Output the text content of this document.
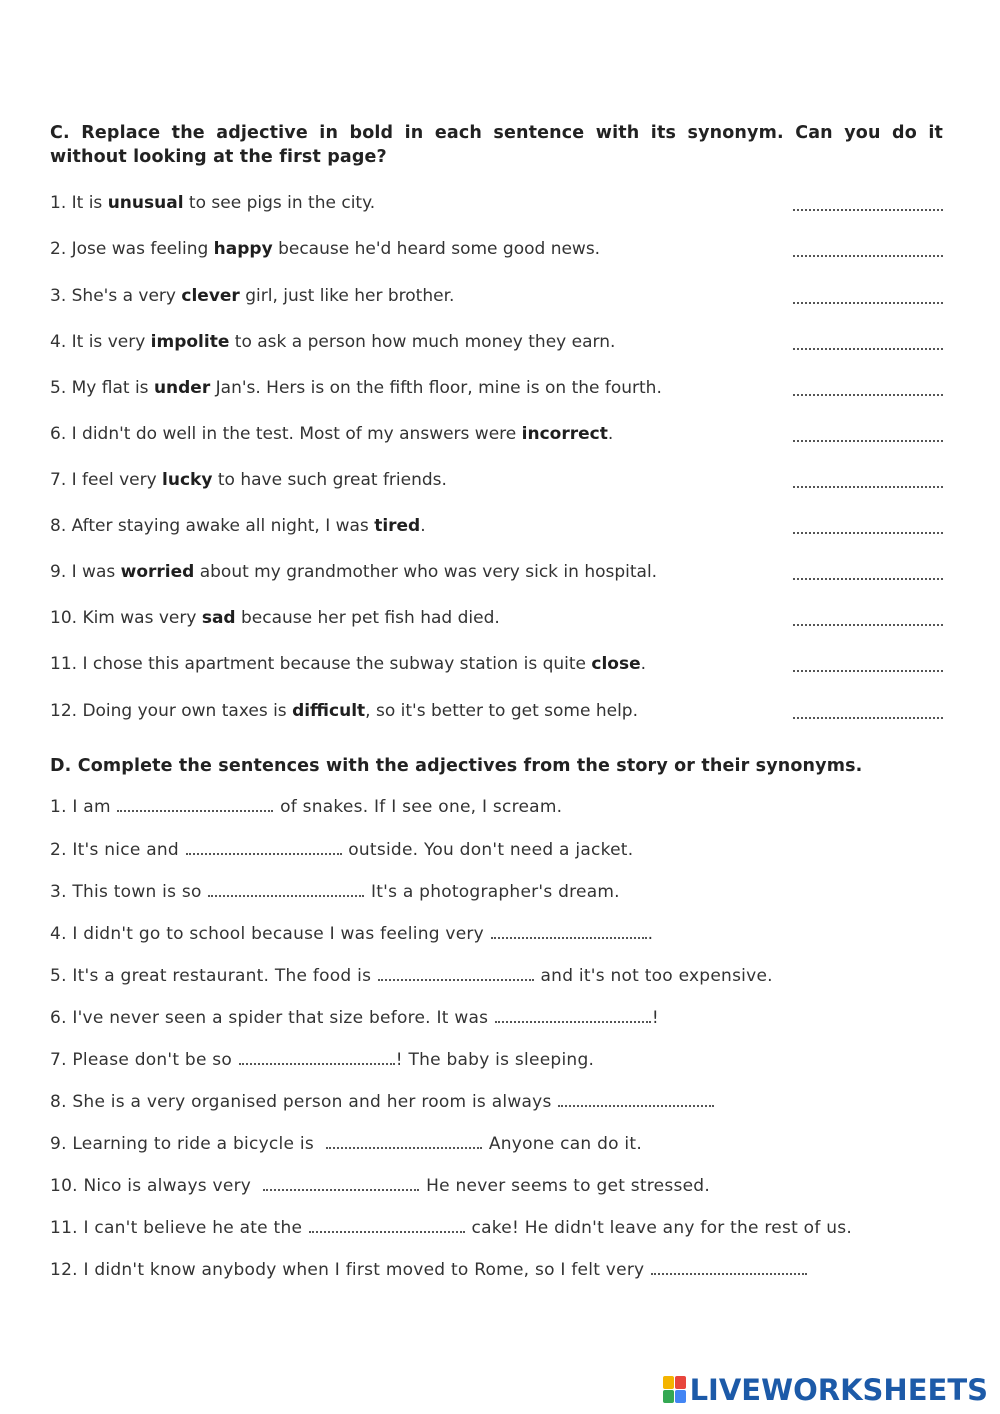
C. Replace the adjective in bold in each sentence with its synonym. Can you do it without looking at the first page?
1. It is unusual to see pigs in the city.
2. Jose was feeling happy because he'd heard some good news.
3. She's a very clever girl, just like her brother.
4. It is very impolite to ask a person how much money they earn.
5. My flat is under Jan's. Hers is on the fifth floor, mine is on the fourth.
6. I didn't do well in the test. Most of my answers were incorrect.
7. I feel very lucky to have such great friends.
8. After staying awake all night, I was tired.
9. I was worried about my grandmother who was very sick in hospital.
10. Kim was very sad because her pet fish had died.
11. I chose this apartment because the subway station is quite close.
12. Doing your own taxes is difficult, so it's better to get some help.
D. Complete the sentences with the adjectives from the story or their synonyms.
1. I am	of snakes. If I see one, I scream.
2. It's nice and	outside. You don't need a jacket.
3. This town is so	It's a photographer's dream.
4. I didn't go to school because I was feeling very	.
5. It's a great restaurant. The food is	and it's not too expensive.
6. I've never seen a spider that size before. It was	!
7. Please don't be so	! The baby is sleeping.
8. She is a very organised person and her room is always
9. Learning to ride a bicycle is	Anyone can do it.
10. Nico is always very	He never seems to get stressed.
11. I can't believe he ate the	cake! He didn't leave any for the rest of us.
12. I didn't know anybody when I first moved to Rome, so I felt very
LIVEWORKSHEETS
